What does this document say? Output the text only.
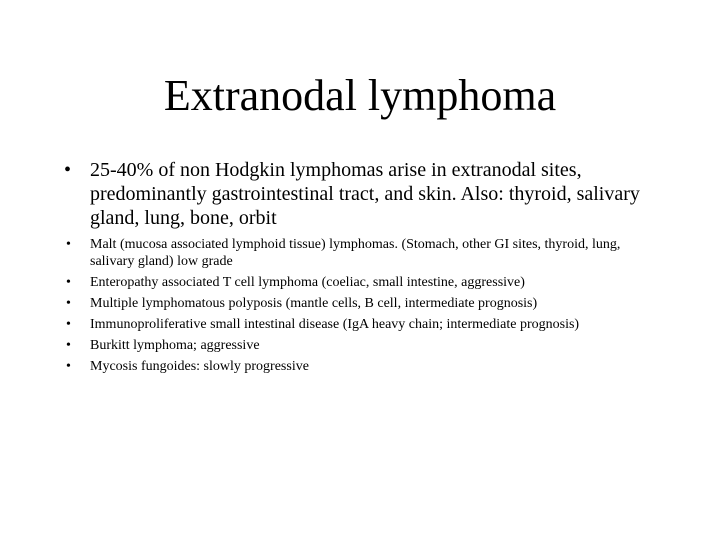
Extranodal lymphoma
• 25-40% of non Hodgkin lymphomas arise in extranodal sites, predominantly gastrointestinal tract, and skin. Also: thyroid, salivary gland, lung, bone, orbit
• Malt (mucosa associated lymphoid tissue) lymphomas. (Stomach, other GI sites, thyroid, lung, salivary gland) low grade
• Enteropathy associated T cell lymphoma (coeliac, small intestine, aggressive)
• Multiple lymphomatous polyposis (mantle cells, B cell, intermediate prognosis)
• Immunoproliferative small intestinal disease (IgA heavy chain; intermediate prognosis)
• Burkitt lymphoma; aggressive
• Mycosis fungoides: slowly progressive
